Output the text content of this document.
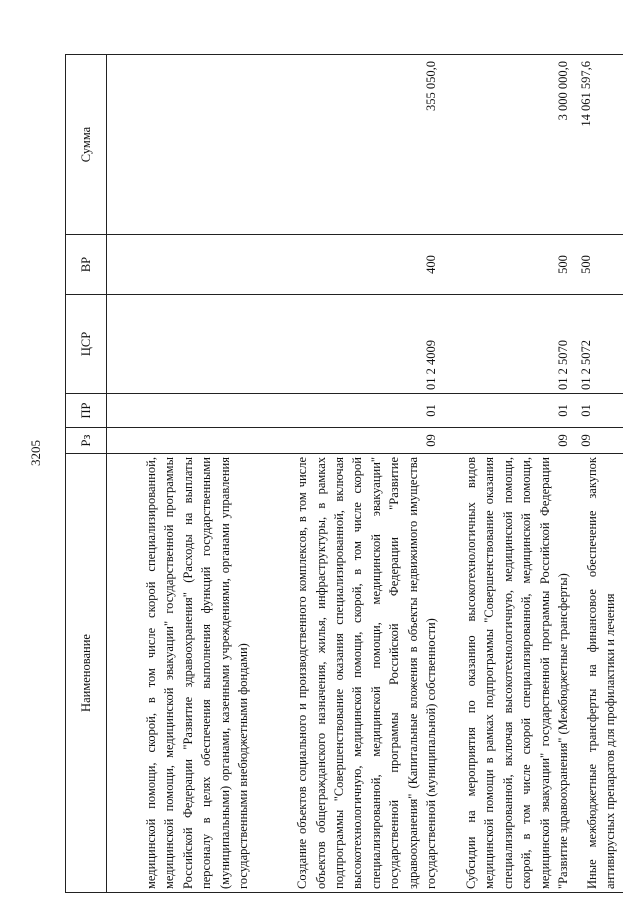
3205
Наименование	Рз	ПР	ЦСР	ВР	Сумма

медицинской помощи, скорой, в том числе скорой специализированной, медицинской помощи, медицинской эвакуации" государственной программы Российской Федерации "Развитие здравоохранения" (Расходы на выплаты персоналу в целях обеспечения выполнения функций государственными (муниципальными) органами, казенными учреждениями, органами управления государственными внебюджетными фондами)					

Создание объектов социального и производственного комплексов, в том числе объектов общегражданского назначения, жилья, инфраструктуры, в рамках подпрограммы "Совершенствование оказания специализированной, включая высокотехнологичную, медицинской помощи, скорой, в том числе скорой специализированной, медицинской помощи, медицинской эвакуации" государственной программы Российской Федерации "Развитие здравоохранения" (Капитальные вложения в объекты недвижимого имущества государственной (муниципальной) собственности)	09	01	01 2 4009	400	355 050,0

Субсидии на мероприятия по оказанию высокотехнологичных видов медицинской помощи в рамках подпрограммы "Совершенствование оказания специализированной, включая высокотехнологичную, медицинской помощи, скорой, в том числе скорой специализированной, медицинской помощи, медицинской эвакуации" государственной программы Российской Федерации "Развитие здравоохранения" (Межбюджетные трансферты)	09	01	01 2 5070	500	3 000 000,0

Иные межбюджетные трансферты на финансовое обеспечение закупок антивирусных препаратов для профилактики и лечения	09	01	01 2 5072	500	14 061 597,6
